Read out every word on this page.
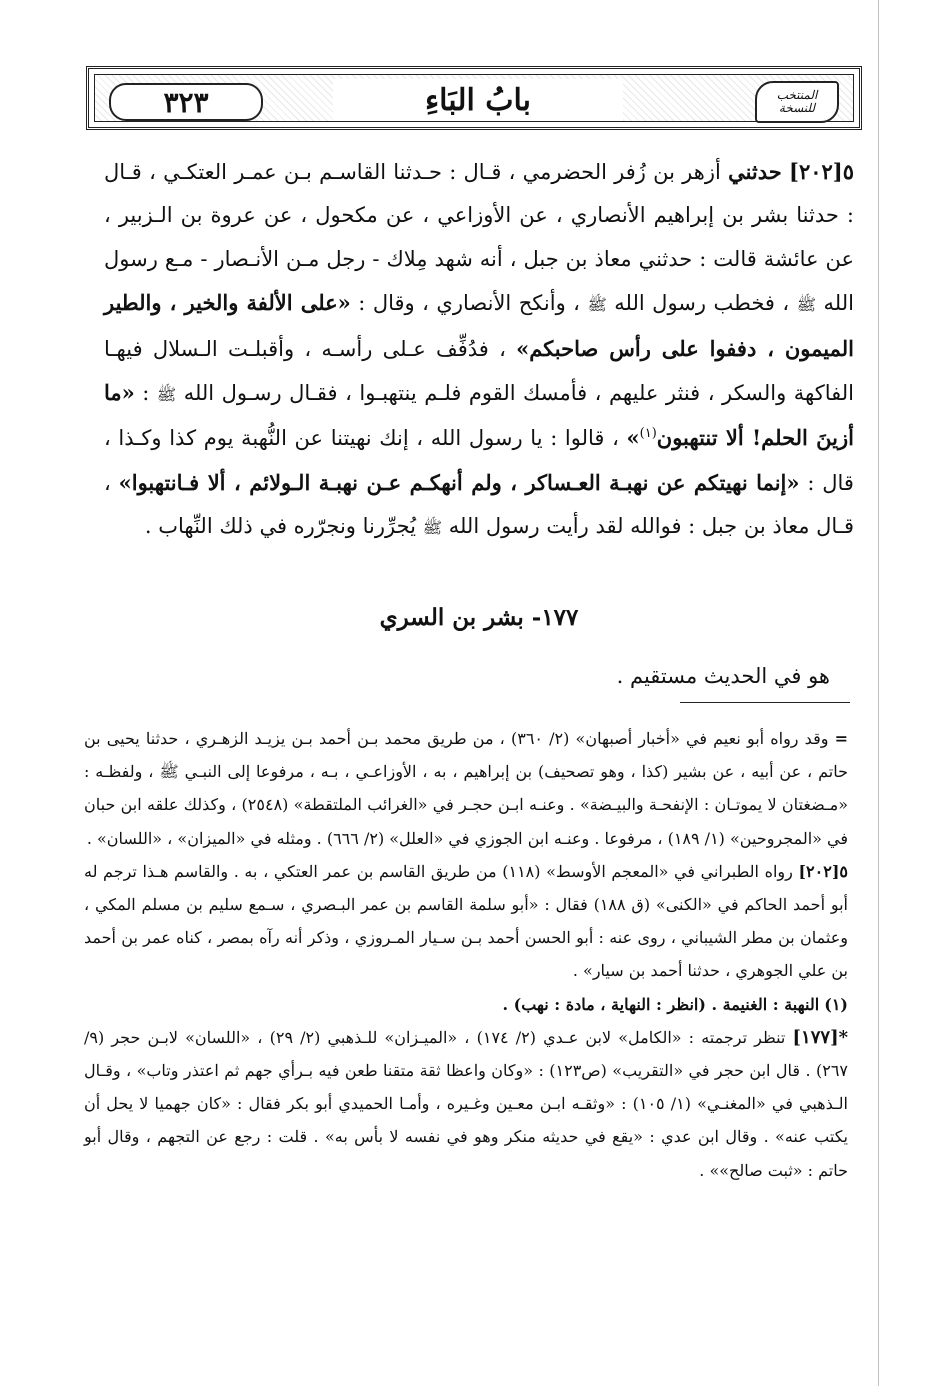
٣٢٣	بابُ البَاءِ	المنتخب
للنسخة

٥[٢٠٢] حدثني أزهر بن زُفر الحضرمي ، قـال : حـدثنا القاسـم بـن عمـر العتكـي ، قـال : حدثنا بشر بن إبراهيم الأنصاري ، عن الأوزاعي ، عن مكحول ، عن عروة بن الـزبير ، عن عائشة قالت : حدثني معاذ بن جبل ، أنه شهد مِلاك - رجل مـن الأنـصار - مـع رسول الله ﷺ ، فخطب رسول الله ﷺ ، وأنكح الأنصاري ، وقال : «على الألفة والخير ، والطير الميمون ، دففوا على رأس صاحبكم» ، فدُفِّف عـلى رأسـه ، وأقبلـت الـسلال فيهـا الفاكهة والسكر ، فنثر عليهم ، فأمسك القوم فلـم ينتهبـوا ، فقـال رسـول الله ﷺ : «ما أزينَ الحلم! ألا تنتهبون$^{(١)}$» ، قالوا : يا رسول الله ، إنك نهيتنا عن النُّهبة يوم كذا وكـذا ، قال : «إنما نهيتكم عن نهبـة العـساكر ، ولم أنهكـم عـن نهبـة الـولائم ، ألا فـانتهبوا» ، قـال معاذ بن جبل : فوالله لقد رأيت رسول الله ﷺ يُجرِّرنا ونجرّره في ذلك النِّهاب .

١٧٧- بشر بن السري
هو في الحديث مستقيم .

= وقد رواه أبو نعيم في «أخبار أصبهان» (٢/ ٣٦٠) ، من طريق محمد بـن أحمد بـن يزيـد الزهـري ، حدثنا يحيى بن حاتم ، عن أبيه ، عن بشير (كذا ، وهو تصحيف) بن إبراهيم ، به ، الأوزاعـي ، بـه ، مرفوعا إلى النبـي ﷺ ، ولفظـه : «مـضغتان لا يموتـان : الإنفحـة والبيـضة» . وعنـه ابـن حجـر في «الغرائب الملتقطة» (٢٥٤٨) ، وكذلك علقه ابن حبان في «المجروحين» (١/ ١٨٩) ، مرفوعا . وعنـه ابن الجوزي في «العلل» (٢/ ٦٦٦) . ومثله في «الميزان» ، «اللسان» .

٥[٢٠٢] رواه الطبراني في «المعجم الأوسط» (١١٨) من طريق القاسم بن عمر العتكي ، به . والقاسم هـذا ترجم له أبو أحمد الحاكم في «الكنى» (ق ١٨٨) فقال : «أبو سلمة القاسم بن عمر البـصري ، سـمع سليم بن مسلم المكي ، وعثمان بن مطر الشيباني ، روى عنه : أبو الحسن أحمد بـن سـيار المـروزي ، وذكر أنه رآه بمصر ، كناه عمر بن أحمد بن علي الجوهري ، حدثنا أحمد بن سيار» .

(١) النهبة : الغنيمة . (انظر : النهاية ، مادة : نهب) .

*[١٧٧] تنظر ترجمته : «الكامل» لابن عـدي (٢/ ١٧٤) ، «الميـزان» للـذهبي (٢/ ٢٩) ، «اللسان» لابـن حجر (٩/ ٢٦٧) . قال ابن حجر في «التقريب» (ص١٢٣) : «وكان واعظا ثقة متقنا طعن فيه بـرأي جهم ثم اعتذر وتاب» ، وقـال الـذهبي في «المغنـي» (١/ ١٠٥) : «وثقـه ابـن معـين وغـيره ، وأمـا الحميدي أبو بكر فقال : «كان جهميا لا يحل أن يكتب عنه» . وقال ابن عدي : «يقع في حديثه منكر وهو في نفسه لا بأس به» . قلت : رجع عن التجهم ، وقال أبو حاتم : «ثبت صالح»» .
